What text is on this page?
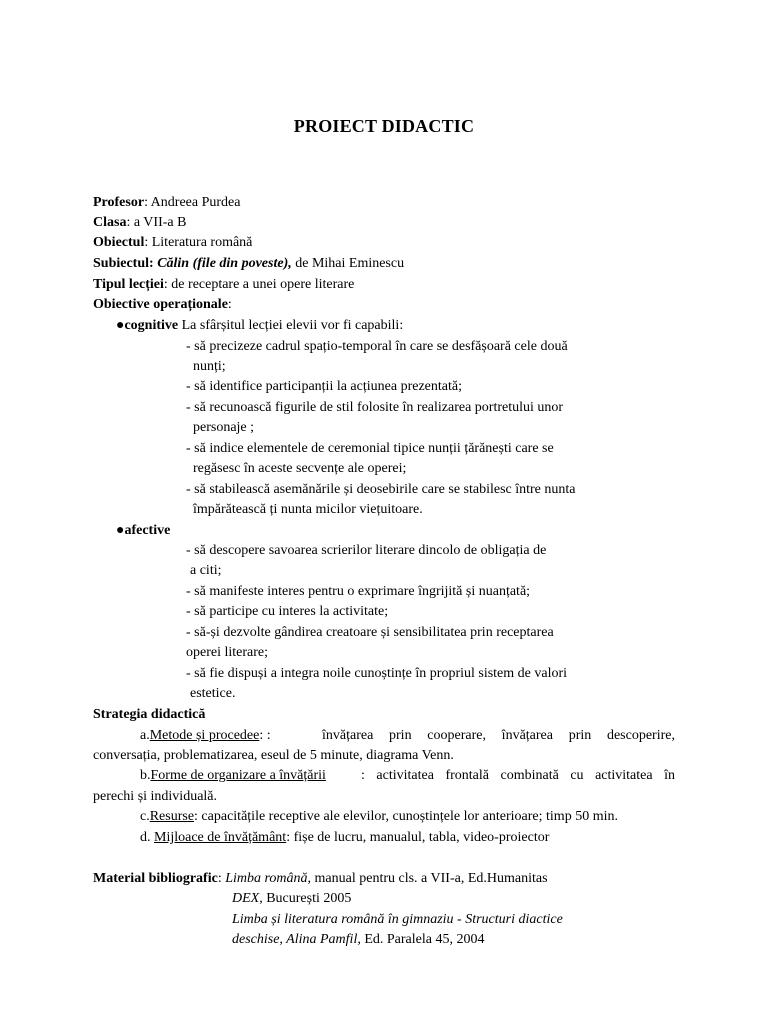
PROIECT DIDACTIC
Profesor: Andreea Purdea
Clasa: a VII-a B
Obiectul: Literatura română
Subiectul: Călin (file din poveste), de Mihai Eminescu
Tipul lecției: de receptare a unei opere literare
Obiective operaționale:
●cognitive La sfârșitul lecției elevii vor fi capabili:
- să precizeze cadrul spațio-temporal în care se desfășoară cele două
nunți;
- să identifice participanții la acțiunea prezentată;
- să recunoască figurile de stil folosite în realizarea portretului unor
personaje ;
- să indice elementele de ceremonial tipice nunții țărănești care se
regăsesc în aceste secvențe ale operei;
- să stabilească asemănările și deosebirile care se stabilesc între nunta
împărătească ți nunta micilor viețuitoare.
●afective
- să descopere savoarea scrierilor literare dincolo de obligația de
a citi;
- să manifeste interes pentru o exprimare îngrijită și nuanțată;
- să participe cu interes la activitate;
- să-și dezvolte gândirea creatoare și sensibilitatea prin receptarea
operei literare;
- să fie dispuși a integra noile cunoștințe în propriul sistem de valori
estetice.
Strategia didactică
a.Metode și procedee: :	învățarea prin cooperare, învățarea prin descoperire,
conversația, problematizarea, eseul de 5 minute, diagrama Venn.
b.Forme de organizare a învățării	: activitatea frontală combinată cu activitatea în
perechi și individuală.
c.Resurse: capacitățile receptive ale elevilor, cunoștințele lor anterioare; timp 50 min.
d. Mijloace de învățământ: fișe de lucru, manualul, tabla, video-proiector
Material bibliografic: Limba română, manual pentru cls. a VII-a, Ed.Humanitas
DEX, București 2005
Limba și literatura română în gimnaziu - Structuri diactice
deschise, Alina Pamfil, Ed. Paralela 45, 2004
